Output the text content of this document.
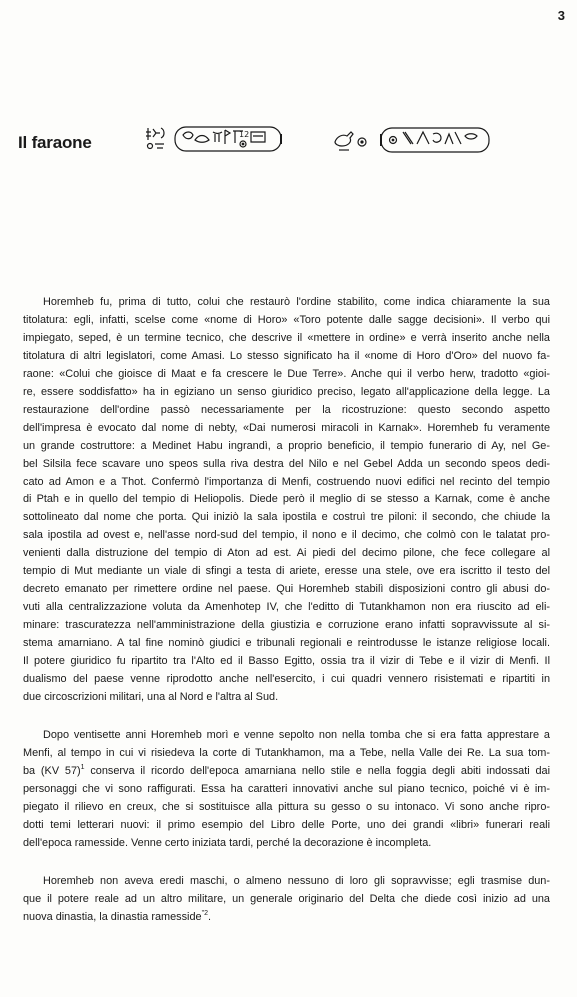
3
Il faraone	12
Horemheb fu, prima di tutto, colui che restaurò l'ordine stabilito, come indica chiaramente la sua
titolatura: egli, infatti, scelse come «nome di Horo» «Toro potente dalle sagge decisioni». Il verbo qui
impiegato, seped, è un termine tecnico, che descrive il «mettere in ordine» e verrà inserito anche nella
titolatura di altri legislatori, come Amasi. Lo stesso significato ha il «nome di Horo d'Oro» del nuovo fa-
raone: «Colui che gioisce di Maat e fa crescere le Due Terre». Anche qui il verbo herw, tradotto «gioi-
re, essere soddisfatto» ha in egiziano un senso giuridico preciso, legato all'applicazione della legge. La
restaurazione dell'ordine passò necessariamente per la ricostruzione: questo secondo aspetto
dell'impresa è evocato dal nome di nebty, «Dai numerosi miracoli in Karnak». Horemheb fu veramente
un grande costruttore: a Medinet Habu ingrandì, a proprio beneficio, il tempio funerario di Ay, nel Ge-
bel Silsila fece scavare uno speos sulla riva destra del Nilo e nel Gebel Adda un secondo speos dedi-
cato ad Amon e a Thot. Confermò l'importanza di Menfi, costruendo nuovi edifici nel recinto del tempio
di Ptah e in quello del tempio di Heliopolis. Diede però il meglio di se stesso a Karnak, come è anche
sottolineato dal nome che porta. Qui iniziò la sala ipostila e costruì tre piloni: il secondo, che chiude la
sala ipostila ad ovest e, nell'asse nord-sud del tempio, il nono e il decimo, che colmò con le talatat pro-
venienti dalla distruzione del tempio di Aton ad est. Ai piedi del decimo pilone, che fece collegare al
tempio di Mut mediante un viale di sfingi a testa di ariete, eresse una stele, ove era iscritto il testo del
decreto emanato per rimettere ordine nel paese. Qui Horemheb stabilì disposizioni contro gli abusi do-
vuti alla centralizzazione voluta da Amenhotep IV, che l'editto di Tutankhamon non era riuscito ad eli-
minare: trascuratezza nell'amministrazione della giustizia e corruzione erano infatti sopravvissute al si-
stema amarniano. A tal fine nominò giudici e tribunali regionali e reintrodusse le istanze religiose locali.
Il potere giuridico fu ripartito tra l'Alto ed il Basso Egitto, ossia tra il vizir di Tebe e il vizir di Menfi. Il
dualismo del paese venne riprodotto anche nell'esercito, i cui quadri vennero risistemati e ripartiti in
due circoscrizioni militari, una al Nord e l'altra al Sud.
Dopo ventisette anni Horemheb morì e venne sepolto non nella tomba che si era fatta apprestare a
Menfi, al tempo in cui vi risiedeva la corte di Tutankhamon, ma a Tebe, nella Valle dei Re. La sua tom-
ba (KV 57)$^1$ conserva il ricordo dell'epoca amarniana nello stile e nella foggia degli abiti indossati dai
personaggi che vi sono raffigurati. Essa ha caratteri innovativi anche sul piano tecnico, poiché vi è im-
piegato il rilievo en creux, che si sostituisce alla pittura su gesso o su intonaco. Vi sono anche ripro-
dotti temi letterari nuovi: il primo esempio del Libro delle Porte, uno dei grandi «libri» funerari reali
dell'epoca ramesside. Venne certo iniziata tardi, perché la decorazione è incompleta.
Horemheb non aveva eredi maschi, o almeno nessuno di loro gli sopravvisse; egli trasmise dun-
que il potere reale ad un altro militare, un generale originario del Delta che diede così inizio ad una
nuova dinastia, la dinastia ramesside$^{"2}$.
